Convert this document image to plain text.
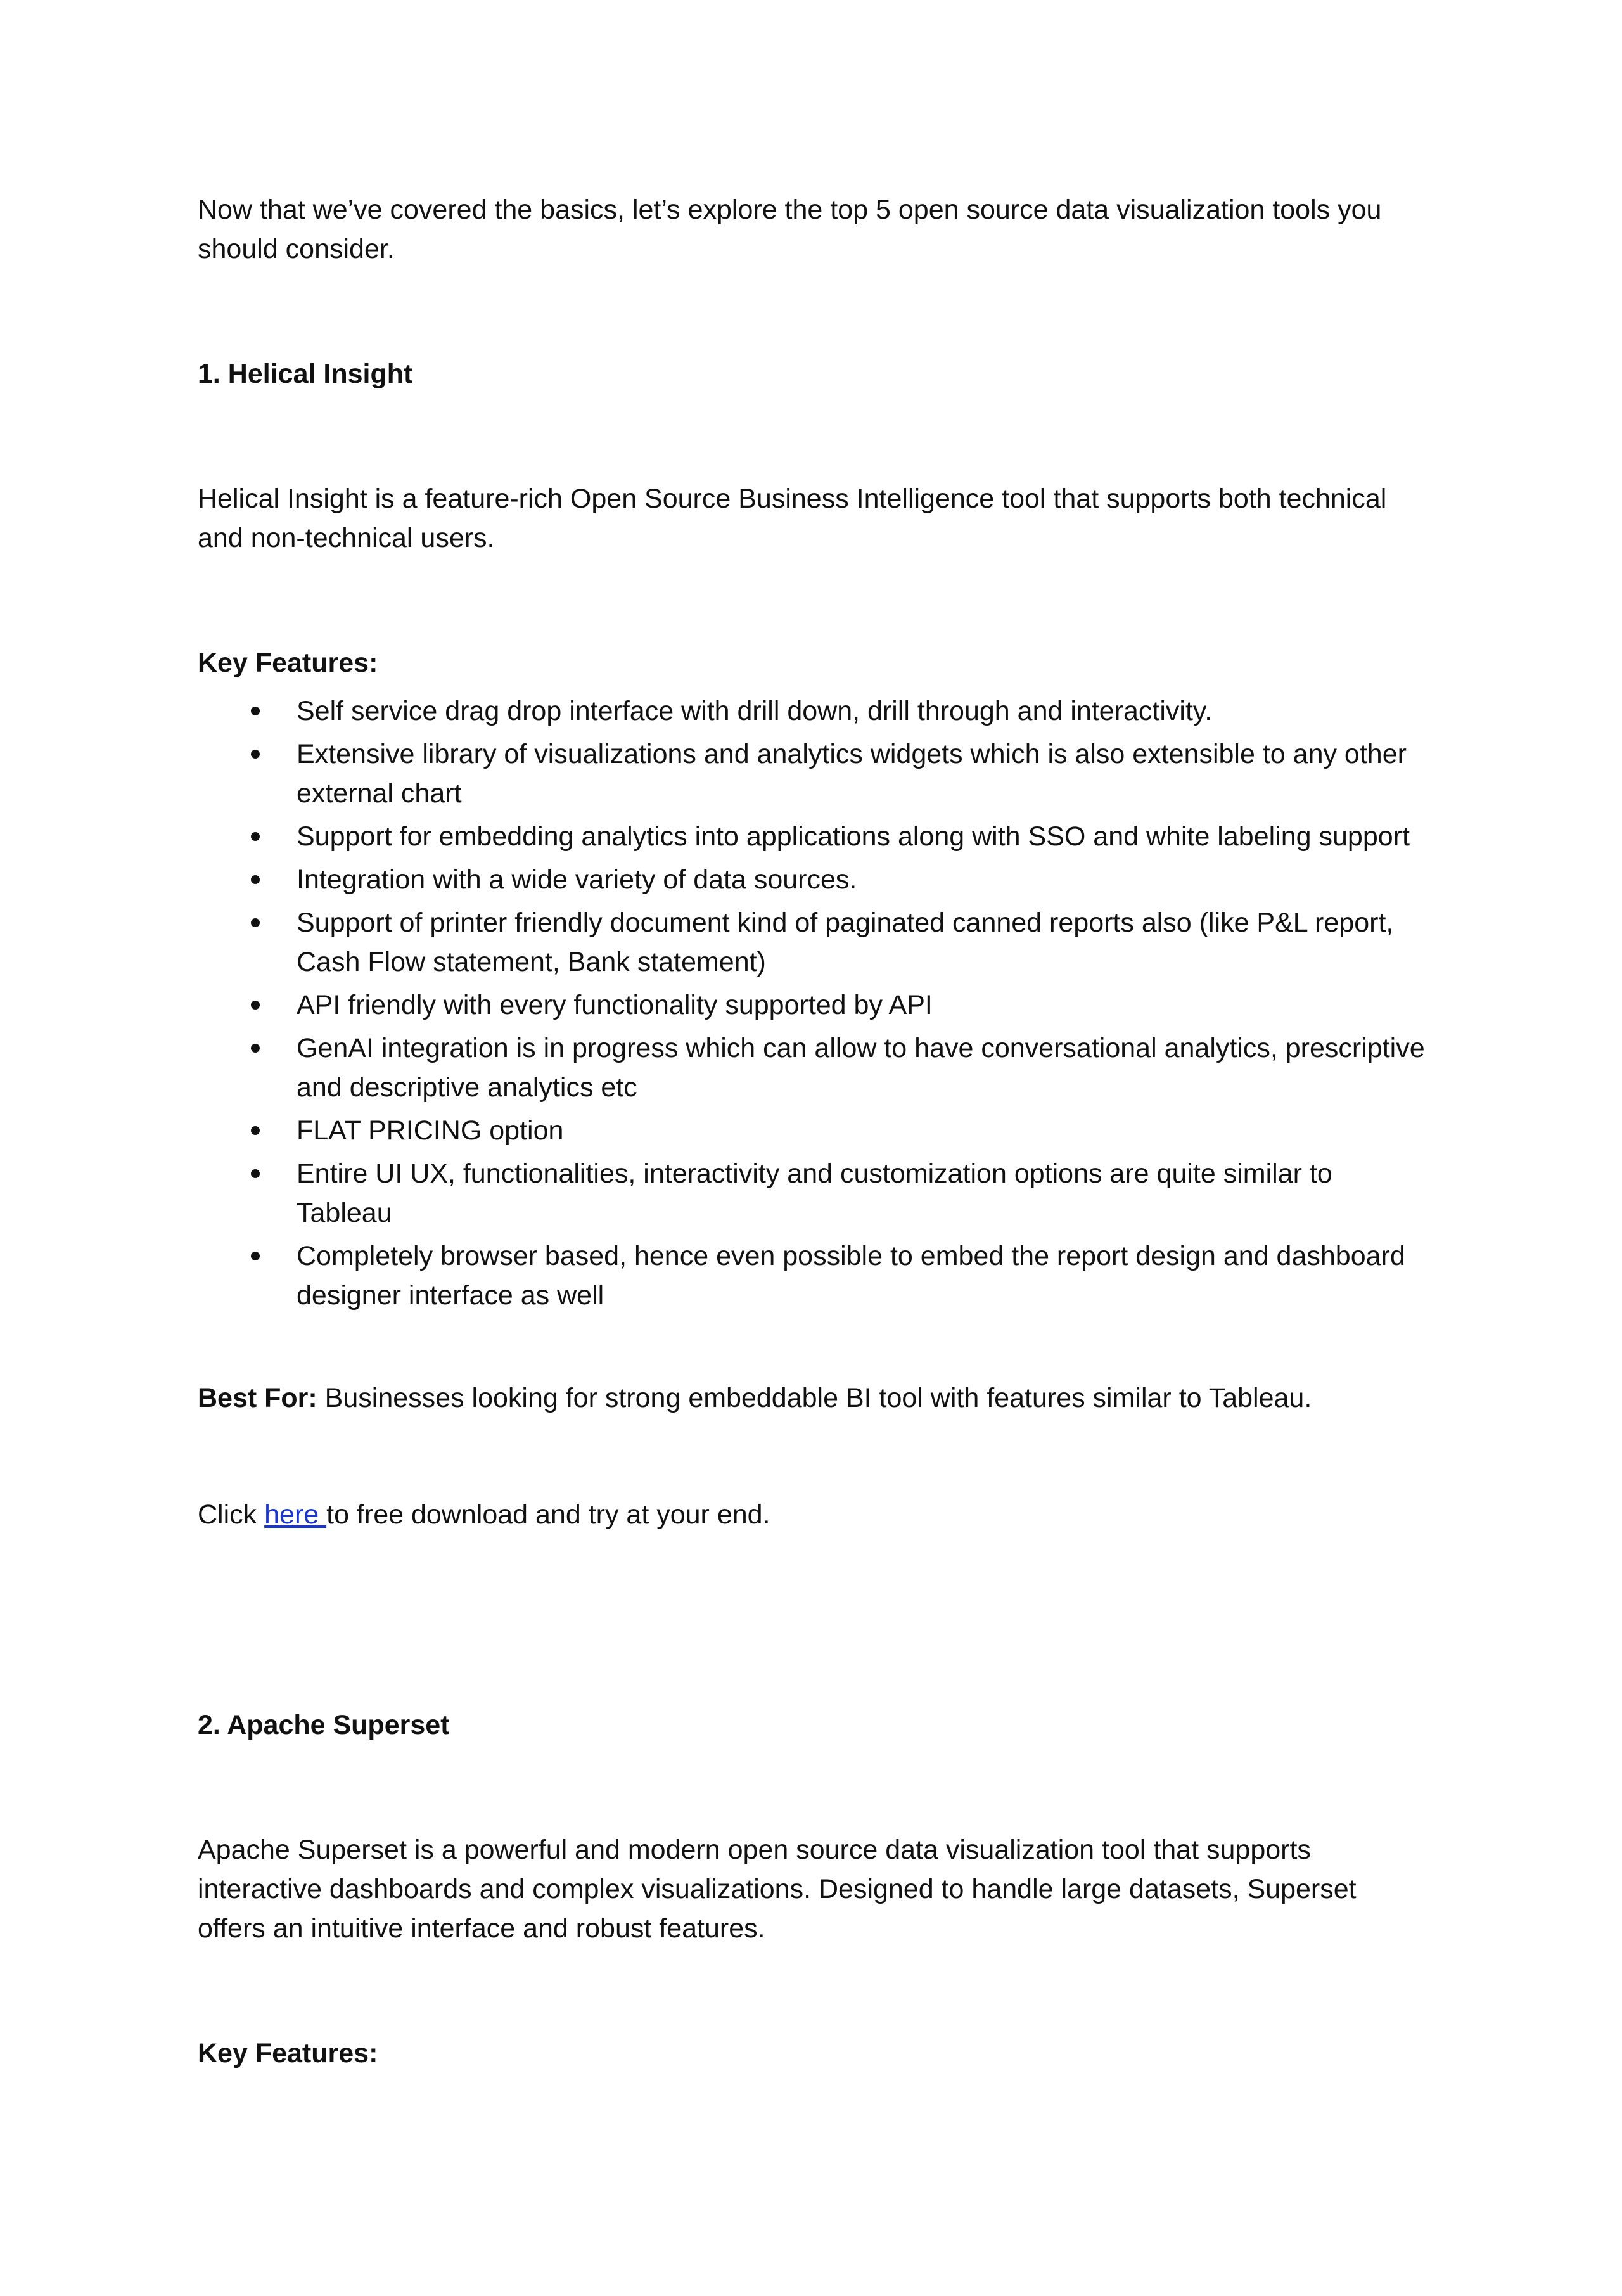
Now that we’ve covered the basics, let’s explore the top 5 open source data visualization tools you should consider.

1. Helical Insight

Helical Insight is a feature-rich Open Source Business Intelligence tool that supports both technical and non-technical users.

Key Features:

Self service drag drop interface with drill down, drill through and interactivity.
Extensive library of visualizations and analytics widgets which is also extensible to any other external chart
Support for embedding analytics into applications along with SSO and white labeling support
Integration with a wide variety of data sources.
Support of printer friendly document kind of paginated canned reports also (like P&L report, Cash Flow statement, Bank statement)
API friendly with every functionality supported by API
GenAI integration is in progress which can allow to have conversational analytics, prescriptive and descriptive analytics etc
FLAT PRICING option
Entire UI UX, functionalities, interactivity and customization options are quite similar to Tableau
Completely browser based, hence even possible to embed the report design and dashboard designer interface as well

Best For: Businesses looking for strong embeddable BI tool with features similar to Tableau.

Click here to free download and try at your end.

2. Apache Superset

Apache Superset is a powerful and modern open source data visualization tool that supports interactive dashboards and complex visualizations. Designed to handle large datasets, Superset offers an intuitive interface and robust features.

Key Features:
